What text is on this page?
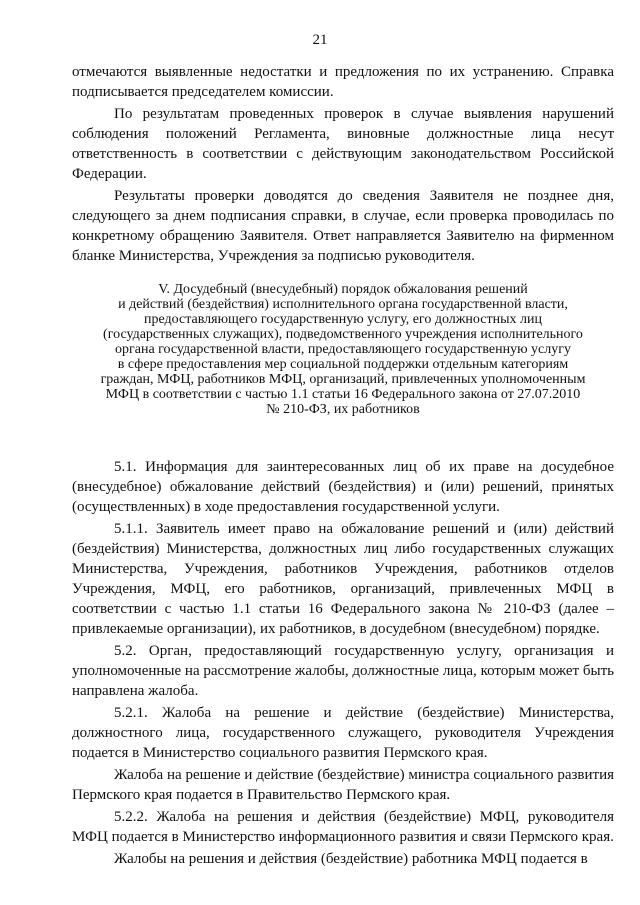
21

отмечаются выявленные недостатки и предложения по их устранению. Справка подписывается председателем комиссии.

По результатам проведенных проверок в случае выявления нарушений соблюдения положений Регламента, виновные должностные лица несут ответственность в соответствии с действующим законодательством Российской Федерации.

Результаты проверки доводятся до сведения Заявителя не позднее дня, следующего за днем подписания справки, в случае, если проверка проводилась по конкретному обращению Заявителя. Ответ направляется Заявителю на фирменном бланке Министерства, Учреждения за подписью руководителя.

V. Досудебный (внесудебный) порядок обжалования решений
и действий (бездействия) исполнительного органа государственной власти,
предоставляющего государственную услугу, его должностных лиц
(государственных служащих), подведомственного учреждения исполнительного
органа государственной власти, предоставляющего государственную услугу
в сфере предоставления мер социальной поддержки отдельным категориям
граждан, МФЦ, работников МФЦ, организаций, привлеченных уполномоченным
МФЦ в соответствии с частью 1.1 статьи 16 Федерального закона от 27.07.2010
№ 210-ФЗ, их работников

5.1. Информация для заинтересованных лиц об их праве на досудебное (внесудебное) обжалование действий (бездействия) и (или) решений, принятых (осуществленных) в ходе предоставления государственной услуги.

5.1.1. Заявитель имеет право на обжалование решений и (или) действий (бездействия) Министерства, должностных лиц либо государственных служащих Министерства, Учреждения, работников Учреждения, работников отделов Учреждения, МФЦ, его работников, организаций, привлеченных МФЦ в соответствии с частью 1.1 статьи 16 Федерального закона № 210-ФЗ (далее – привлекаемые организации), их работников, в досудебном (внесудебном) порядке.

5.2. Орган, предоставляющий государственную услугу, организация и уполномоченные на рассмотрение жалобы, должностные лица, которым может быть направлена жалоба.

5.2.1. Жалоба на решение и действие (бездействие) Министерства, должностного лица, государственного служащего, руководителя Учреждения подается в Министерство социального развития Пермского края.

Жалоба на решение и действие (бездействие) министра социального развития Пермского края подается в Правительство Пермского края.

5.2.2. Жалоба на решения и действия (бездействие) МФЦ, руководителя МФЦ подается в Министерство информационного развития и связи Пермского края.

Жалобы на решения и действия (бездействие) работника МФЦ подается в
